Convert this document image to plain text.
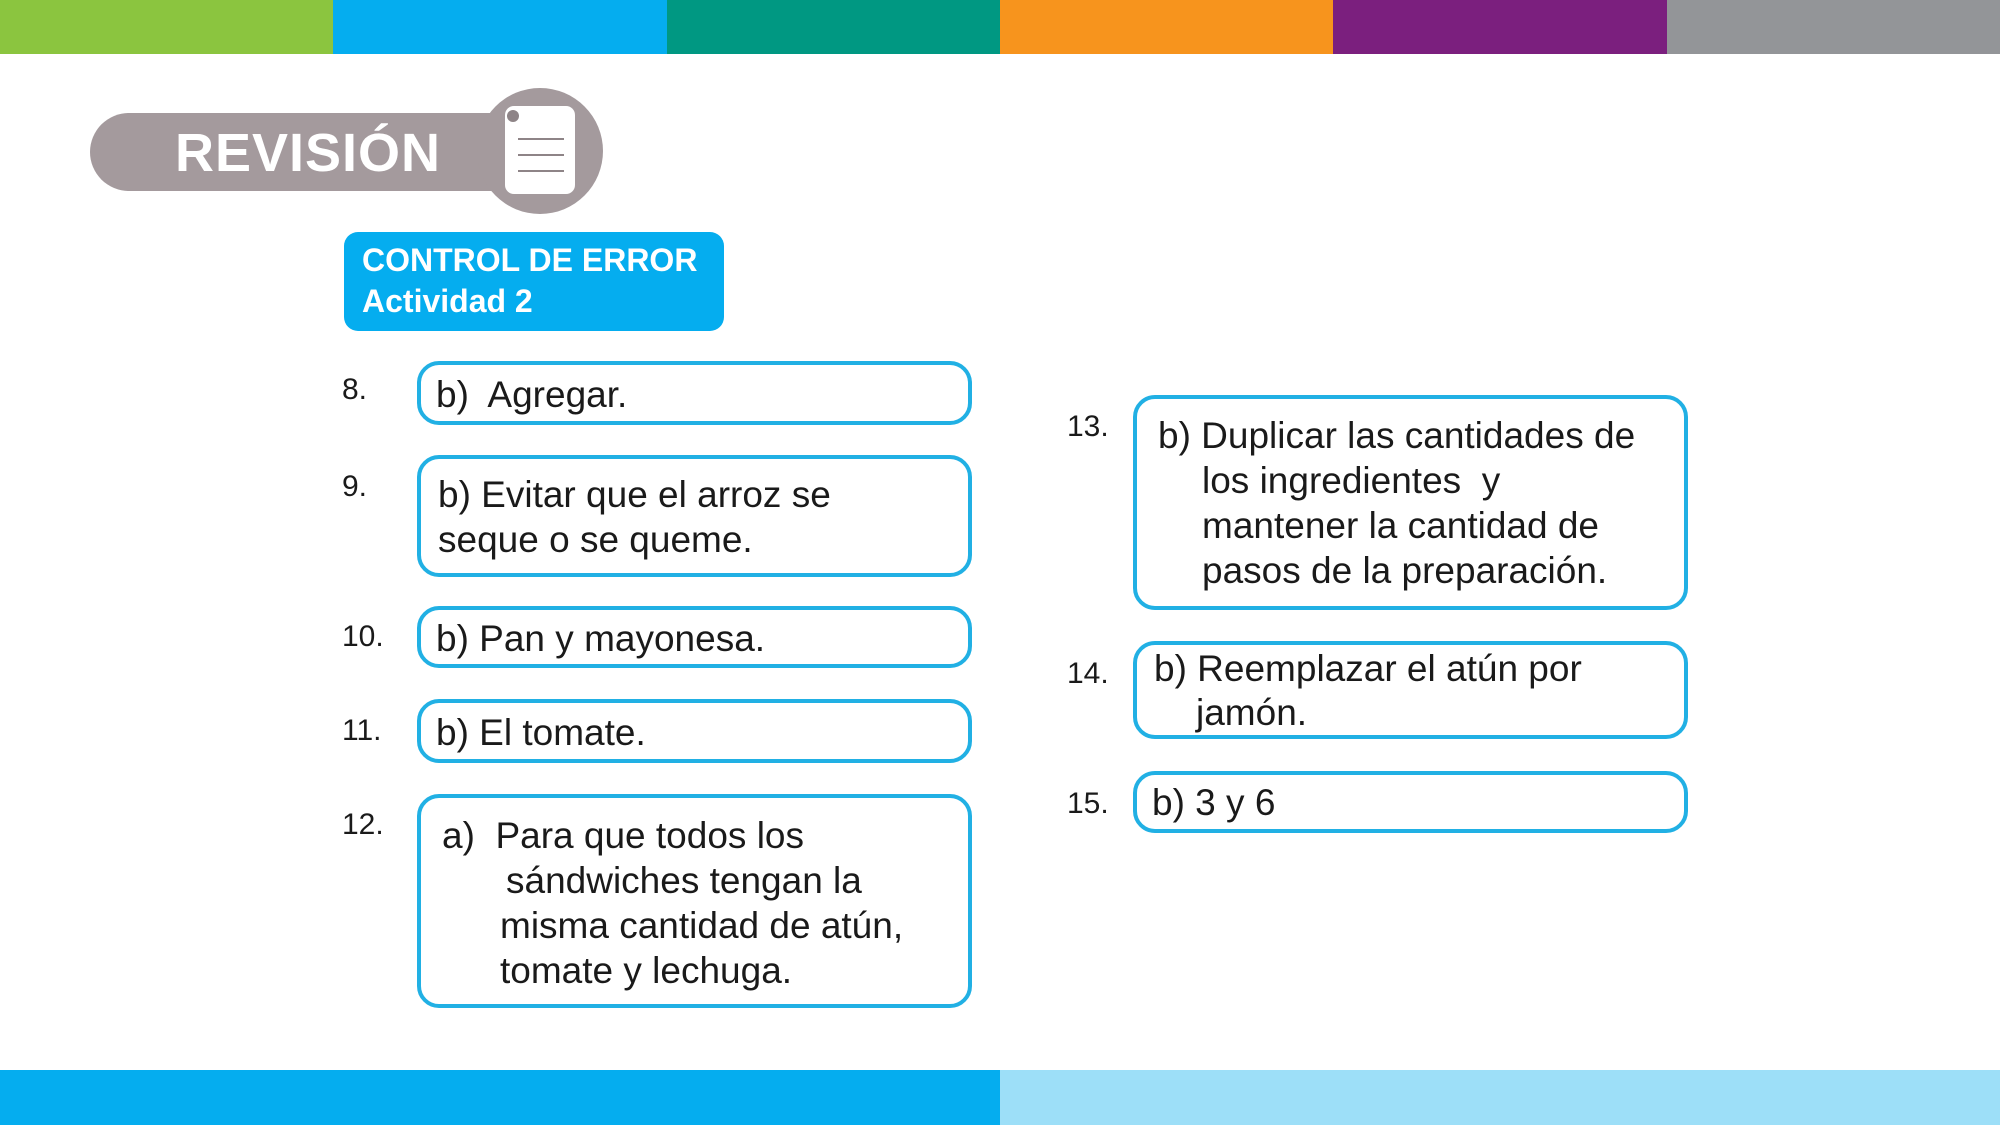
REVISIÓN
CONTROL DE ERROR
Actividad 2
8. b)  Agregar.
9. b) Evitar que el arroz se
seque o se queme.
10. b) Pan y mayonesa.
11. b) El tomate.
12. a)  Para que todos los
sándwiches tengan la
misma cantidad de atún,
tomate y lechuga.
13. b) Duplicar las cantidades de
los ingredientes  y
mantener la cantidad de
pasos de la preparación.
14. b) Reemplazar el atún por
jamón.
15. b) 3 y 6
